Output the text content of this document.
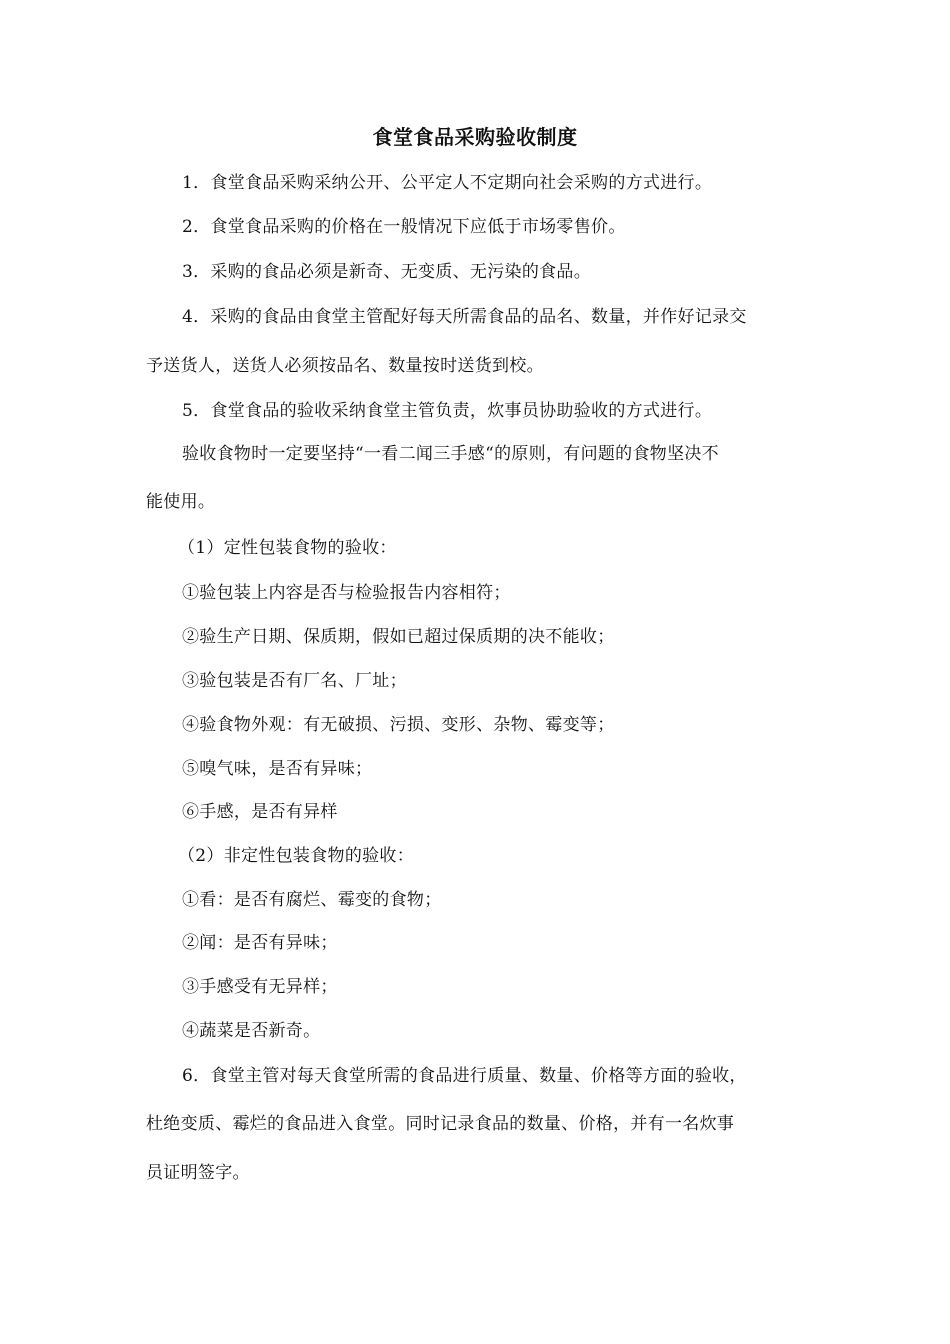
食堂食品采购验收制度
1．食堂食品采购采纳公开、公平定人不定期向社会采购的方式进行。
2．食堂食品采购的价格在一般情况下应低于市场零售价。
3．采购的食品必须是新奇、无变质、无污染的食品。
4．采购的食品由食堂主管配好每天所需食品的品名、数量，并作好记录交
予送货人，送货人必须按品名、数量按时送货到校。
5．食堂食品的验收采纳食堂主管负责，炊事员协助验收的方式进行。
验收食物时一定要坚持“一看二闻三手感“的原则，有问题的食物坚决不
能使用。
（1）定性包装食物的验收：
①验包装上内容是否与检验报告内容相符；
②验生产日期、保质期，假如已超过保质期的决不能收；
③验包装是否有厂名、厂址；
④验食物外观：有无破损、污损、变形、杂物、霉变等；
⑤嗅气味，是否有异味；
⑥手感，是否有异样
（2）非定性包装食物的验收：
①看：是否有腐烂、霉变的食物；
②闻：是否有异味；
③手感受有无异样；
④蔬菜是否新奇。
6．食堂主管对每天食堂所需的食品进行质量、数量、价格等方面的验收，
杜绝变质、霉烂的食品进入食堂。同时记录食品的数量、价格，并有一名炊事
员证明签字。
